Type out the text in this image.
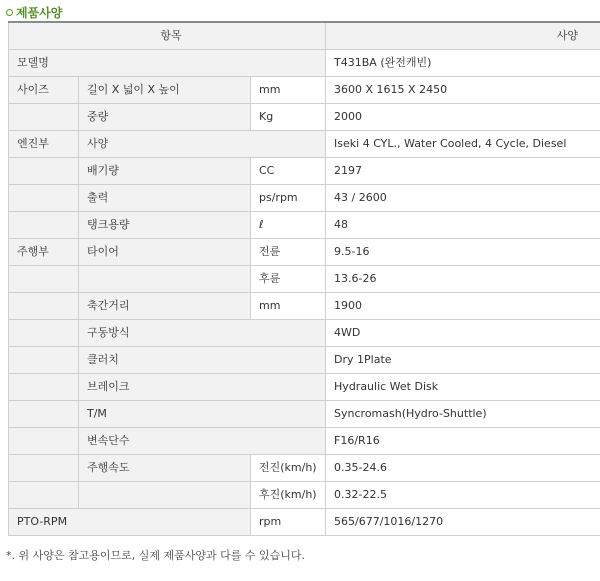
제품사양
항목			사양
모델명			T431BA (완전캐빈)
사이즈	길이 X 넓이 X 높이	mm	3600 X 1615 X 2450
	중량	Kg	2000
엔진부	사양		Iseki 4 CYL., Water Cooled, 4 Cycle, Diesel
	배기량	CC	2197
	출력	ps/rpm	43 / 2600
	탱크용량	ℓ	48
주행부	타이어	전륜	9.5-16
		후륜	13.6-26
	축간거리	mm	1900
	구동방식		4WD
	클러치		Dry 1Plate
	브레이크		Hydraulic Wet Disk
	T/M		Syncromash(Hydro-Shuttle)
	변속단수		F16/R16
	주행속도	전진(km/h)	0.35-24.6
		후진(km/h)	0.32-22.5
PTO-RPM		rpm	565/677/1016/1270
*. 위 사양은 참고용이므로, 실제 제품사양과 다를 수 있습니다.
